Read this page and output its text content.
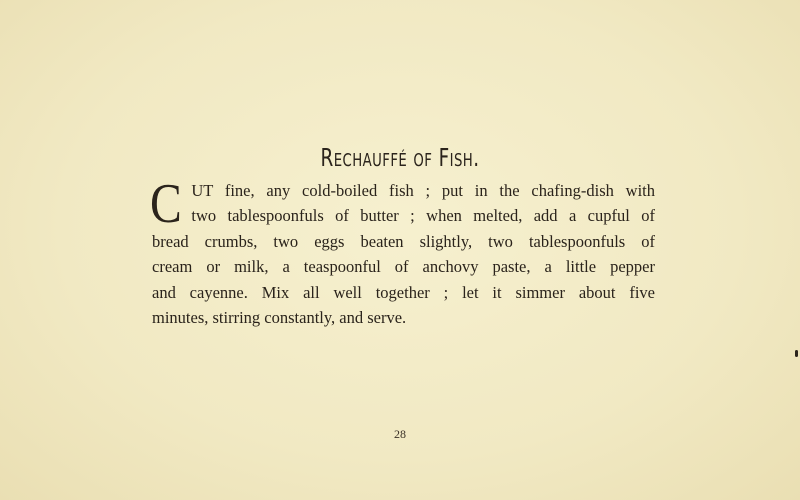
Rechauffé of Fish.
C UT fine, any cold-boiled fish ; put in the chafing-dish with
two tablespoonfuls of butter ; when melted, add a cupful of
bread crumbs, two eggs beaten slightly, two tablespoonfuls of
cream or milk, a teaspoonful of anchovy paste, a little pepper
and cayenne. Mix all well together ; let it simmer about five
minutes, stirring constantly, and serve.
28
